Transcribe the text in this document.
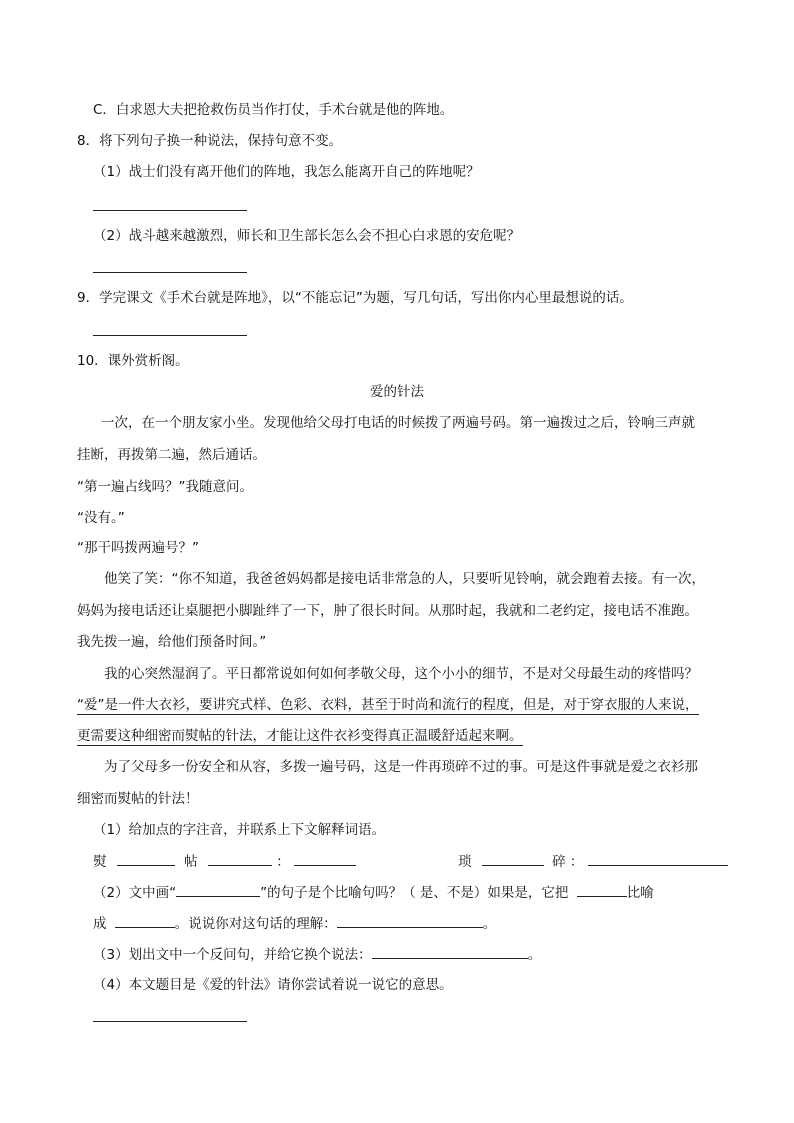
C．白求恩大夫把抢救伤员当作打仗，手术台就是他的阵地。
8．将下列句子换一种说法，保持句意不变。
（1）战士们没有离开他们的阵地，我怎么能离开自己的阵地呢？
（2）战斗越来越激烈，师长和卫生部长怎么会不担心白求恩的安危呢？
9．学完课文《手术台就是阵地》，以“不能忘记”为题，写几句话，写出你内心里最想说的话。
10．课外赏析阁。
爱的针法
一次，在一个朋友家小坐。发现他给父母打电话的时候拨了两遍号码。第一遍拨过之后，铃响三声就
挂断，再拨第二遍，然后通话。
“第一遍占线吗？”我随意问。
“没有。”
“那干吗拨两遍号？”
他笑了笑：“你不知道，我爸爸妈妈都是接电话非常急的人，只要听见铃响，就会跑着去接。有一次，
妈妈为接电话还让桌腿把小脚趾绊了一下，肿了很长时间。从那时起，我就和二老约定，接电话不准跑。
我先拨一遍，给他们预备时间。”
我的心突然湿润了。平日都常说如何如何孝敬父母，这个小小的细节，不是对父母最生动的疼惜吗？
“爱”是一件大衣衫，要讲究式样、色彩、衣料，甚至于时尚和流行的程度，但是，对于穿衣服的人来说，
更需要这种细密而熨帖的针法，才能让这件衣衫变得真正温暖舒适起来啊。
为了父母多一份安全和从容，多拨一遍号码，这是一件再琐碎不过的事。可是这件事就是爱之衣衫那
细密而熨帖的针法！
（1）给加点的字注音，并联系上下文解释词语。
熨	帖	：	琐	碎 ：
（2）文中画“	”的句子是个比喻句吗？（ 是、不是）如果是，它把	比喻
成	。说说你对这句话的理解：	。
（3）划出文中一个反问句，并给它换个说法：	。
（4）本文题目是《爱的针法》请你尝试着说一说它的意思。
